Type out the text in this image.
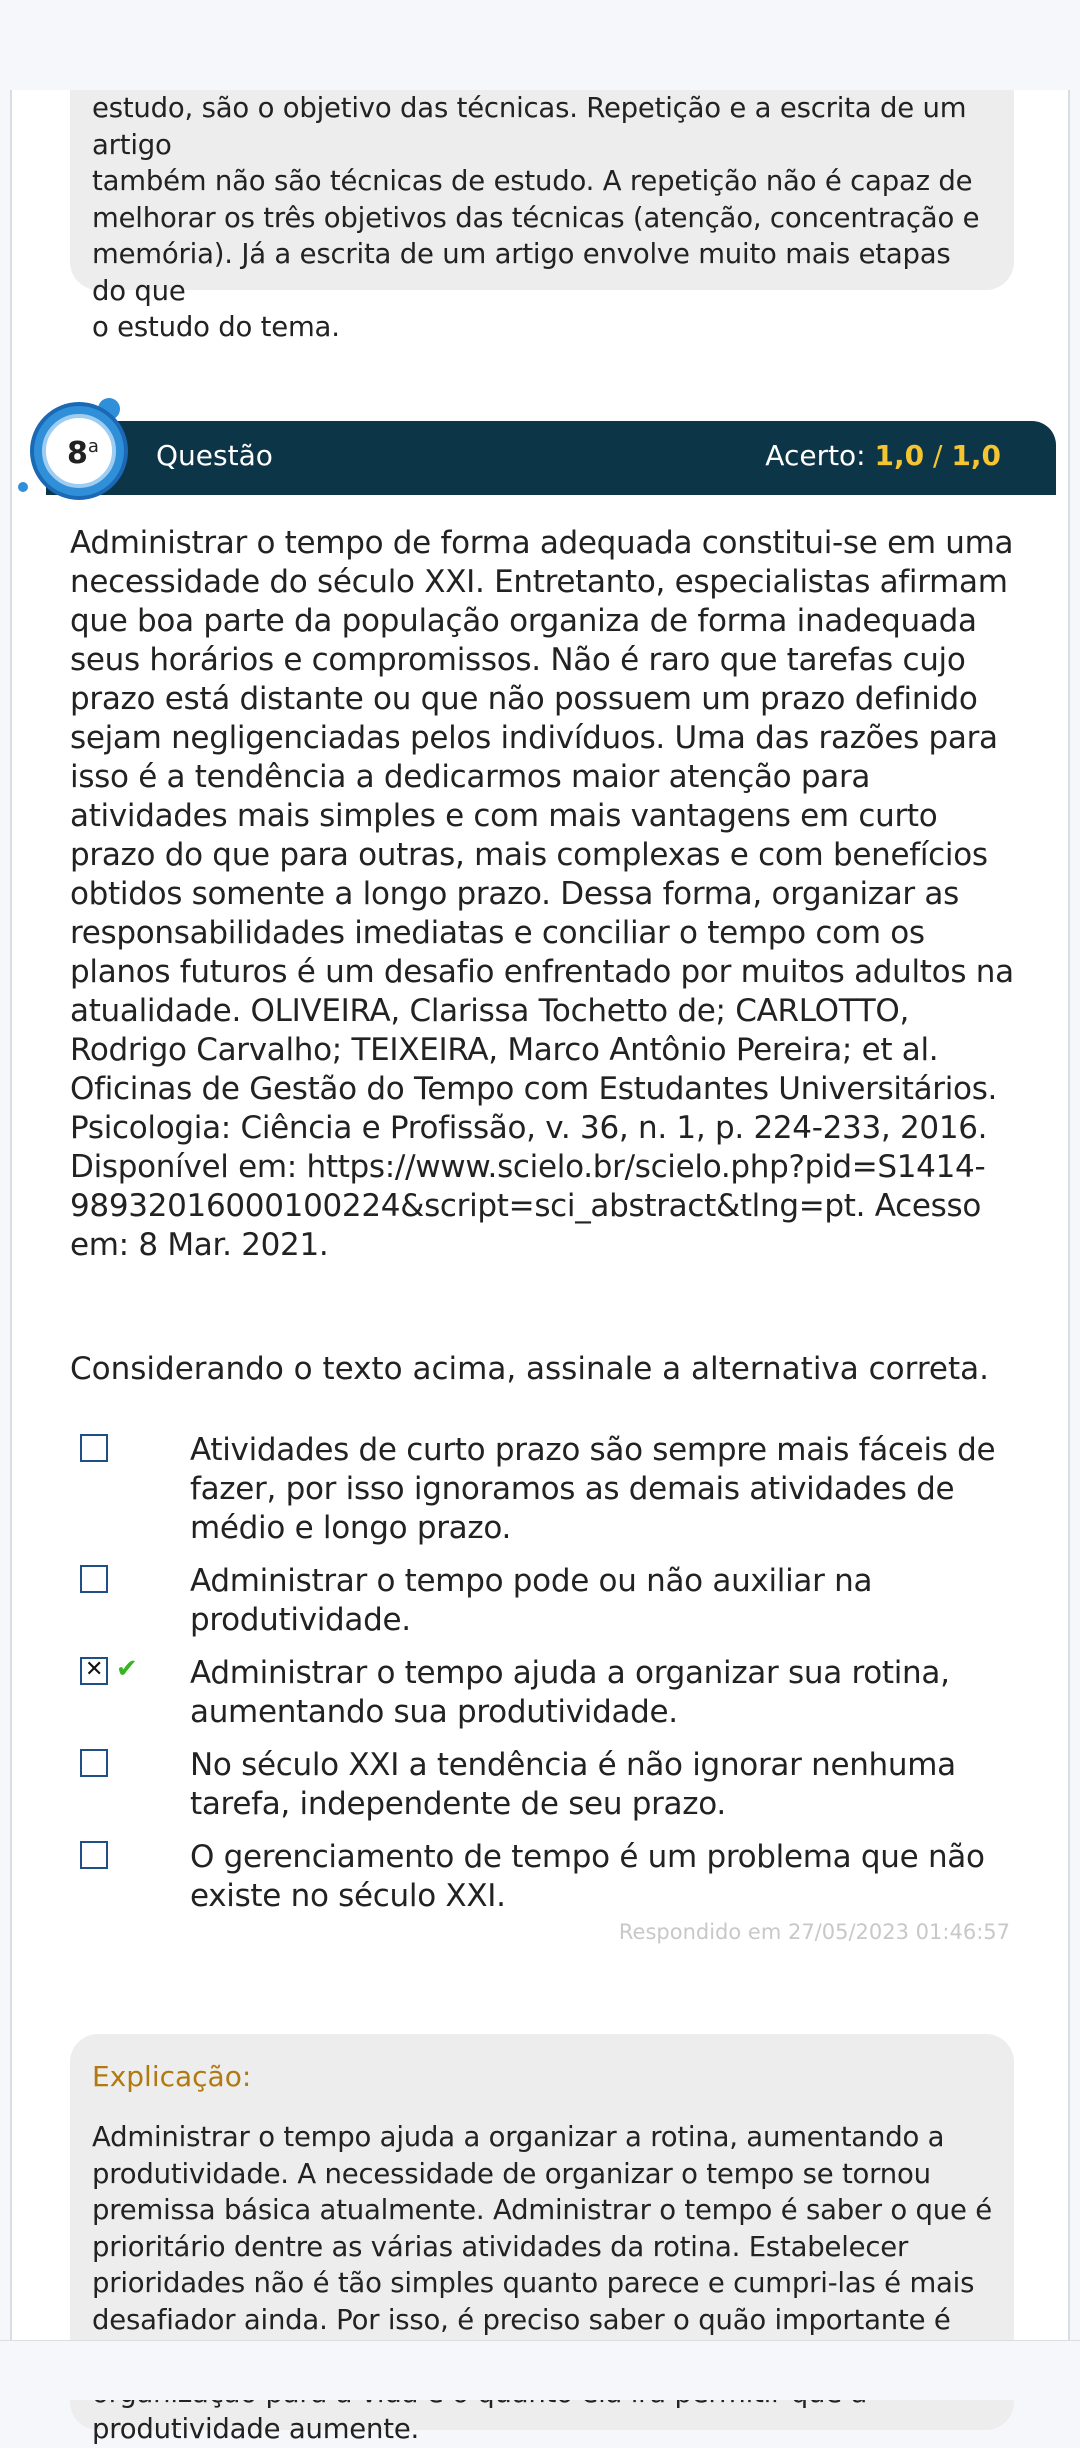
estudo, são o objetivo das técnicas. Repetição e a escrita de um artigo

também não são técnicas de estudo. A repetição não é capaz de

melhorar os três objetivos das técnicas (atenção, concentração e

memória). Já a escrita de um artigo envolve muito mais etapas do que

o estudo do tema.

Questão	Acerto: 1,0 / 1,0
8$^a$
Administrar o tempo de forma adequada constitui-se em uma necessidade do século XXI. Entretanto, especialistas afirmam que boa parte da população organiza de forma inadequada seus horários e compromissos. Não é raro que tarefas cujo prazo está distante ou que não possuem um prazo definido sejam negligenciadas pelos indivíduos. Uma das razões para isso é a tendência a dedicarmos maior atenção para atividades mais simples e com mais vantagens em curto prazo do que para outras, mais complexas e com benefícios obtidos somente a longo prazo. Dessa forma, organizar as responsabilidades imediatas e conciliar o tempo com os planos futuros é um desafio enfrentado por muitos adultos na atualidade. OLIVEIRA, Clarissa Tochetto de; CARLOTTO, Rodrigo Carvalho; TEIXEIRA, Marco Antônio Pereira; et al. Oficinas de Gestão do Tempo com Estudantes Universitários. Psicologia: Ciência e Profissão, v. 36, n. 1, p. 224-233, 2016. Disponível em: https://www.scielo.br/scielo.php?pid=S1414-98932016000100224&script=sci_abstract&tlng=pt. Acesso em: 8 Mar. 2021.
Considerando o texto acima, assinale a alternativa correta.
Atividades de curto prazo são sempre mais fáceis de fazer, por isso ignoramos as demais atividades de médio e longo prazo.
Administrar o tempo pode ou não auxiliar na produtividade.
✕
✔ Administrar o tempo ajuda a organizar sua rotina, aumentando sua produtividade.
No século XXI a tendência é não ignorar nenhuma tarefa, independente de seu prazo.
O gerenciamento de tempo é um problema que não existe no século XXI.
Respondido em 27/05/2023 01:46:57
Explicação:

Administrar o tempo ajuda a organizar a rotina, aumentando a

produtividade. A necessidade de organizar o tempo se tornou

premissa básica atualmente. Administrar o tempo é saber o que é

prioritário dentre as várias atividades da rotina. Estabelecer

prioridades não é tão simples quanto parece e cumpri-las é mais

desafiador ainda. Por isso, é preciso saber o quão importante é

produtividade aumente.
